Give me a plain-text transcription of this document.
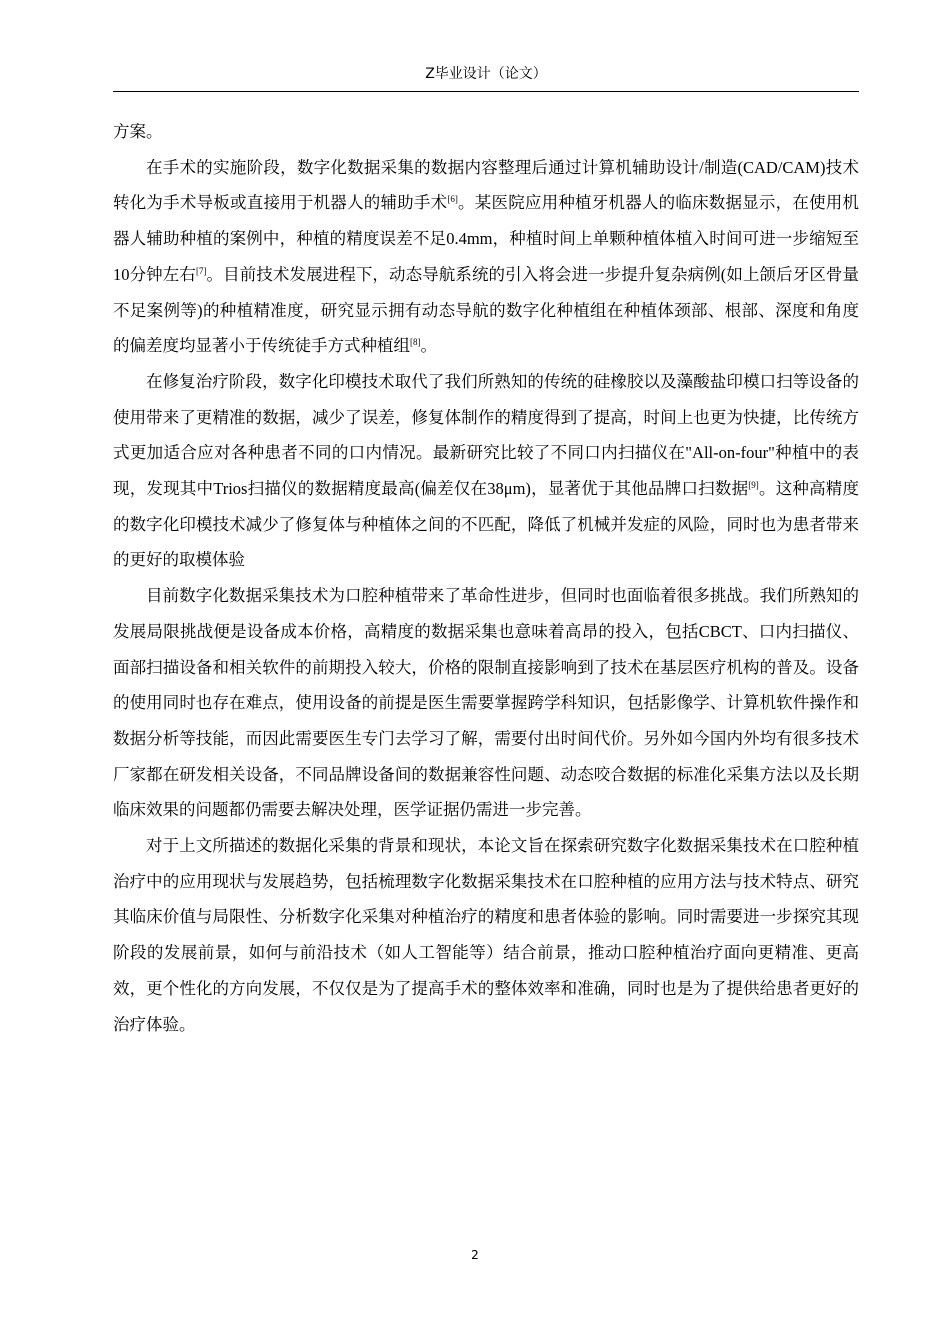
Z毕业设计（论文）

方案。

在手术的实施阶段，数字化数据采集的数据内容整理后通过计算机辅助设计/制造(CAD/CAM)技术转化为手术导板或直接用于机器人的辅助手术[6]。某医院应用种植牙机器人的临床数据显示，在使用机器人辅助种植的案例中，种植的精度误差不足0.4mm，种植时间上单颗种植体植入时间可进一步缩短至10分钟左右[7]。目前技术发展进程下，动态导航系统的引入将会进一步提升复杂病例(如上颌后牙区骨量不足案例等)的种植精准度，研究显示拥有动态导航的数字化种植组在种植体颈部、根部、深度和角度的偏差度均显著小于传统徒手方式种植组[8]。

在修复治疗阶段，数字化印模技术取代了我们所熟知的传统的硅橡胶以及藻酸盐印模口扫等设备的使用带来了更精准的数据，减少了误差，修复体制作的精度得到了提高，时间上也更为快捷，比传统方式更加适合应对各种患者不同的口内情况。最新研究比较了不同口内扫描仪在"All-on-four"种植中的表现，发现其中Trios扫描仪的数据精度最高(偏差仅在38μm)，显著优于其他品牌口扫数据[9]。这种高精度的数字化印模技术减少了修复体与种植体之间的不匹配，降低了机械并发症的风险，同时也为患者带来的更好的取模体验

目前数字化数据采集技术为口腔种植带来了革命性进步，但同时也面临着很多挑战。我们所熟知的发展局限挑战便是设备成本价格，高精度的数据采集也意味着高昂的投入，包括CBCT、口内扫描仪、面部扫描设备和相关软件的前期投入较大，价格的限制直接影响到了技术在基层医疗机构的普及。设备的使用同时也存在难点，使用设备的前提是医生需要掌握跨学科知识，包括影像学、计算机软件操作和数据分析等技能，而因此需要医生专门去学习了解，需要付出时间代价。另外如今国内外均有很多技术厂家都在研发相关设备，不同品牌设备间的数据兼容性问题、动态咬合数据的标准化采集方法以及长期临床效果的问题都仍需要去解决处理，医学证据仍需进一步完善。

对于上文所描述的数据化采集的背景和现状，本论文旨在探索研究数字化数据采集技术在口腔种植治疗中的应用现状与发展趋势，包括梳理数字化数据采集技术在口腔种植的应用方法与技术特点、研究其临床价值与局限性、分析数字化采集对种植治疗的精度和患者体验的影响。同时需要进一步探究其现阶段的发展前景，如何与前沿技术（如人工智能等）结合前景，推动口腔种植治疗面向更精准、更高效，更个性化的方向发展，不仅仅是为了提高手术的整体效率和准确，同时也是为了提供给患者更好的治疗体验。

2
